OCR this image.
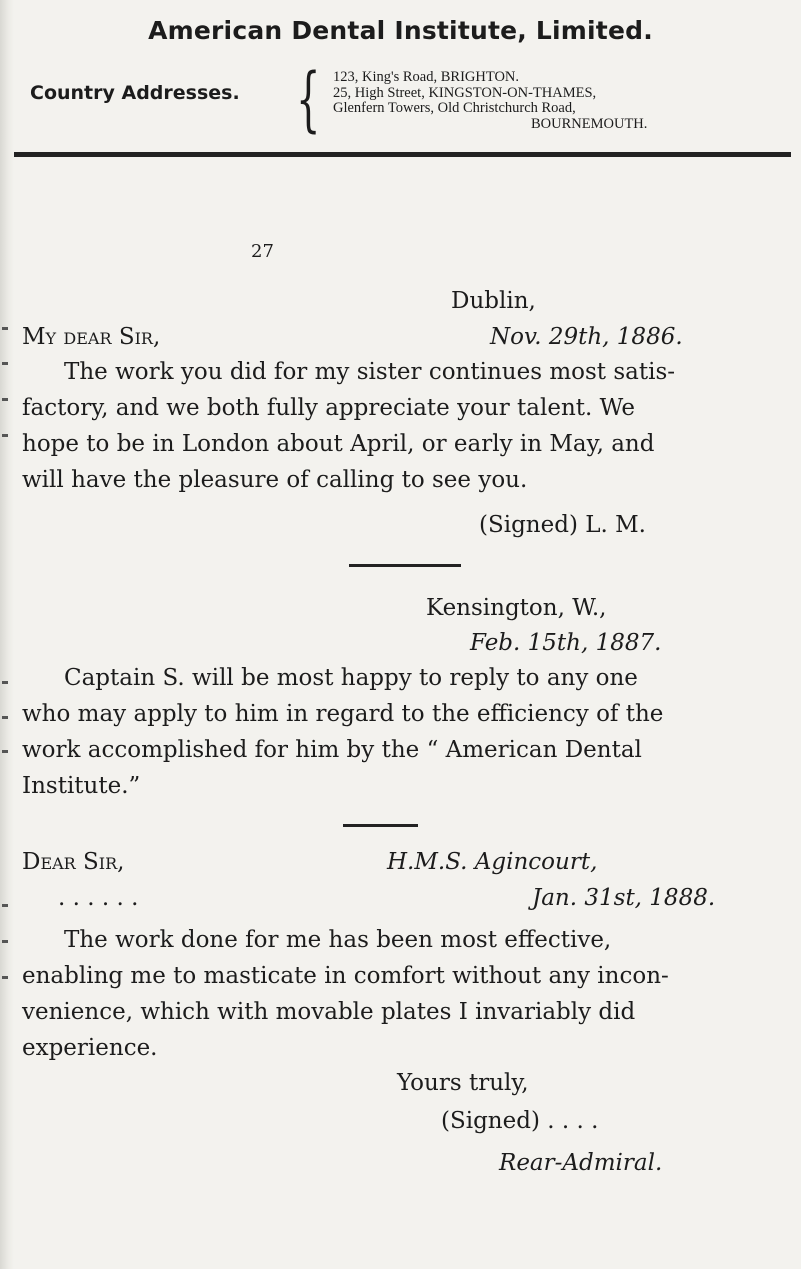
American Dental Institute, Limited.
Country Addresses. { 123, King's Road, BRIGHTON.
25, High Street, KINGSTON-ON-THAMES,
Glenfern Towers, Old Christchurch Road,
BOURNEMOUTH.
27
Dublin,
My dear Sir,	Nov. 29th, 1886.
The work you did for my sister continues most satis-
factory, and we both fully appreciate your talent. We
hope to be in London about April, or early in May, and
will have the pleasure of calling to see you.
(Signed) L. M.
Kensington, W.,
Feb. 15th, 1887.
Captain S. will be most happy to reply to any one
who may apply to him in regard to the efficiency of the
work accomplished for him by the “ American Dental
Institute.”
Dear Sir,	H.M.S. Agincourt,
. . . . . .	Jan. 31st, 1888.
The work done for me has been most effective,
enabling me to masticate in comfort without any incon-
venience, which with movable plates I invariably did
experience.
Yours truly,
(Signed) . . . .
Rear-Admiral.
